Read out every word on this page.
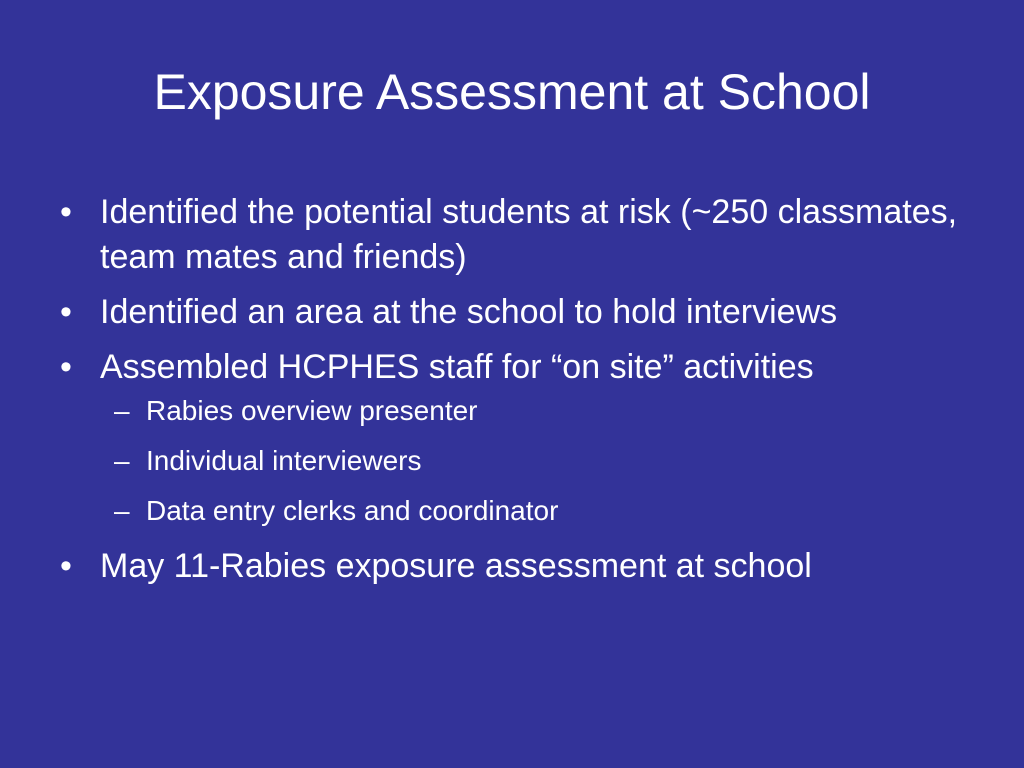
Exposure Assessment at School
• Identified the potential students at risk (~250 classmates, team mates and friends)
• Identified an area at the school to hold interviews
• Assembled HCPHES staff for “on site” activities
– Rabies overview presenter
– Individual interviewers
– Data entry clerks and coordinator
• May 11-Rabies exposure assessment at school
